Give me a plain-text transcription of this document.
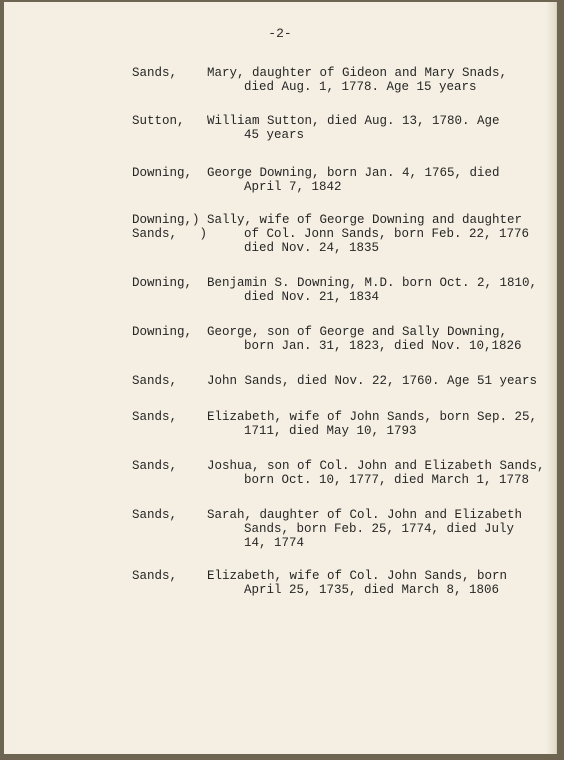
-2-
Sands, Mary, daughter of Gideon and Mary Snads,
died Aug. 1, 1778. Age 15 years
Sutton, William Sutton, died Aug. 13, 1780. Age
45 years
Downing, George Downing, born Jan. 4, 1765, died
April 7, 1842
Downing,)
Sands,   )
Sally, wife of George Downing and daughter
of Col. Jonn Sands, born Feb. 22, 1776
died Nov. 24, 1835
Downing, Benjamin S. Downing, M.D. born Oct. 2, 1810,
died Nov. 21, 1834
Downing, George, son of George and Sally Downing,
born Jan. 31, 1823, died Nov. 10,1826
Sands, John Sands, died Nov. 22, 1760. Age 51 years
Sands, Elizabeth, wife of John Sands, born Sep. 25,
1711, died May 10, 1793
Sands, Joshua, son of Col. John and Elizabeth Sands,
born Oct. 10, 1777, died March 1, 1778
Sands, Sarah, daughter of Col. John and Elizabeth
Sands, born Feb. 25, 1774, died July
14, 1774
Sands, Elizabeth, wife of Col. John Sands, born
April 25, 1735, died March 8, 1806
